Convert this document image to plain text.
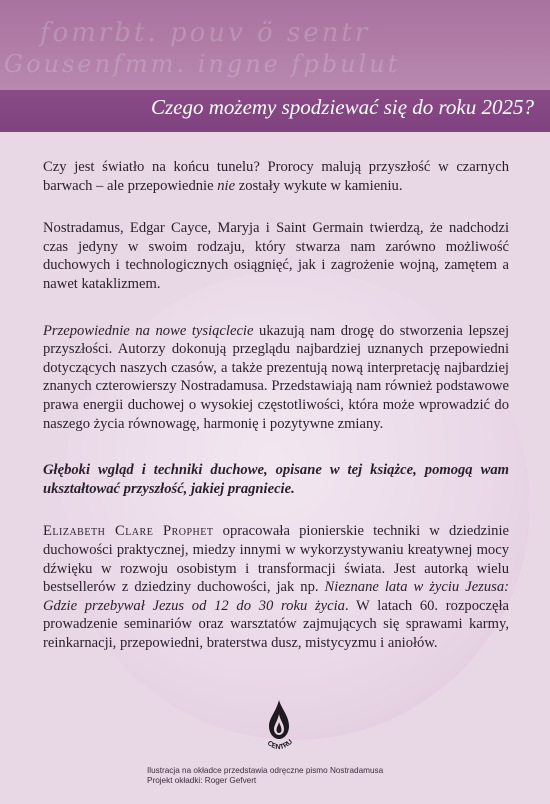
fomrbt. pouv ö sentr
Gousenfmm. ingne fpbulut
Czego możemy spodziewać się do roku 2025?

Czy jest światło na końcu tunelu? Prorocy malują przyszłość w czarnych barwach – ale przepowiednie nie zostały wykute w kamieniu.

Nostradamus, Edgar Cayce, Maryja i Saint Germain twierdzą, że nadchodzi czas jedyny w swoim rodzaju, który stwarza nam zarówno możliwość duchowych i technologicznych osiągnięć, jak i zagrożenie wojną, zamętem a nawet kataklizmem.

Przepowiednie na nowe tysiąclecie ukazują nam drogę do stworzenia lepszej przyszłości. Autorzy dokonują przeglądu najbardziej uznanych przepowiedni dotyczących naszych czasów, a także prezentują nową interpretację najbardziej znanych czterowierszy Nostradamusa. Przedstawiają nam również podstawowe prawa energii duchowej o wysokiej częstotliwości, która może wprowadzić do naszego życia równowagę, harmonię i pozytywne zmiany.

Głęboki wgląd i techniki duchowe, opisane w tej książce, pomogą wam ukształtować przyszłość, jakiej pragniecie.

Elizabeth Clare Prophet opracowała pionierskie techniki w dziedzinie duchowości praktycznej, miedzy innymi w wykorzystywaniu kreatywnej mocy dźwięku w rozwoju osobistym i transformacji świata. Jest autorką wielu bestsellerów z dziedziny duchowości, jak np. Nieznane lata w życiu Jezusa: Gdzie przebywał Jezus od 12 do 30 roku życia. W latach 60. rozpoczęła prowadzenie seminariów oraz warsztatów zajmujących się sprawami karmy, reinkarnacji, przepowiedni, braterstwa dusz, mistycyzmu i aniołów.

CENTRU
Ilustracja na okładce przedstawia odręczne pismo Nostradamusa
Projekt okładki: Roger Gefvert
